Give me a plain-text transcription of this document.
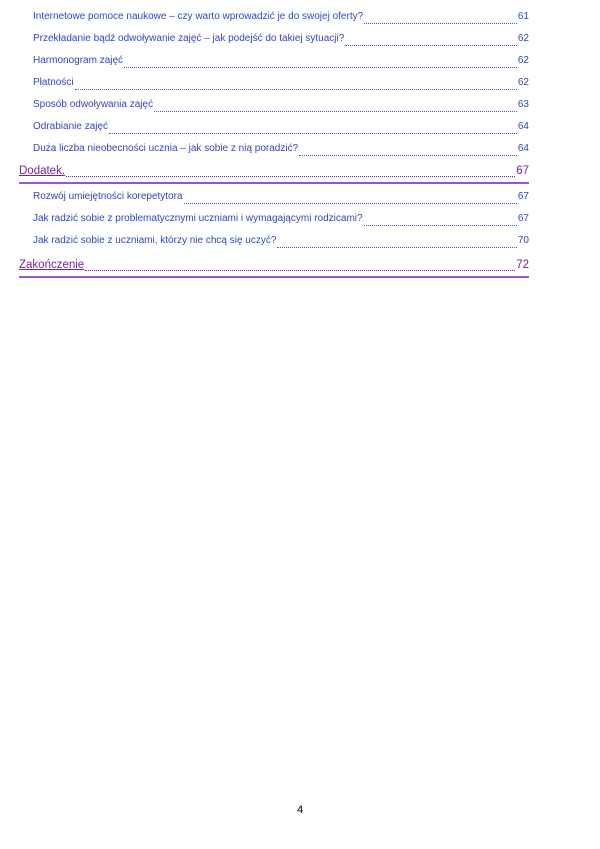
Internetowe pomoce naukowe – czy warto wprowadzić je do swojej oferty?	61
Przekładanie bądź odwoływanie zajęć – jak podejść do takiej sytuacji?	62
Harmonogram zajęć	62
Płatności	62
Sposób odwoływania zajęć	63
Odrabianie zajęć	64
Duża liczba nieobecności ucznia – jak sobie z nią poradzić?	64
Dodatek.	67
Rozwój umiejętności korepetytora	67
Jak radzić sobie z problematycznymi uczniami i wymagającymi rodzicami?	67
Jak radzić sobie z uczniami, którzy nie chcą się uczyć?	70
Zakończenie	72
4
